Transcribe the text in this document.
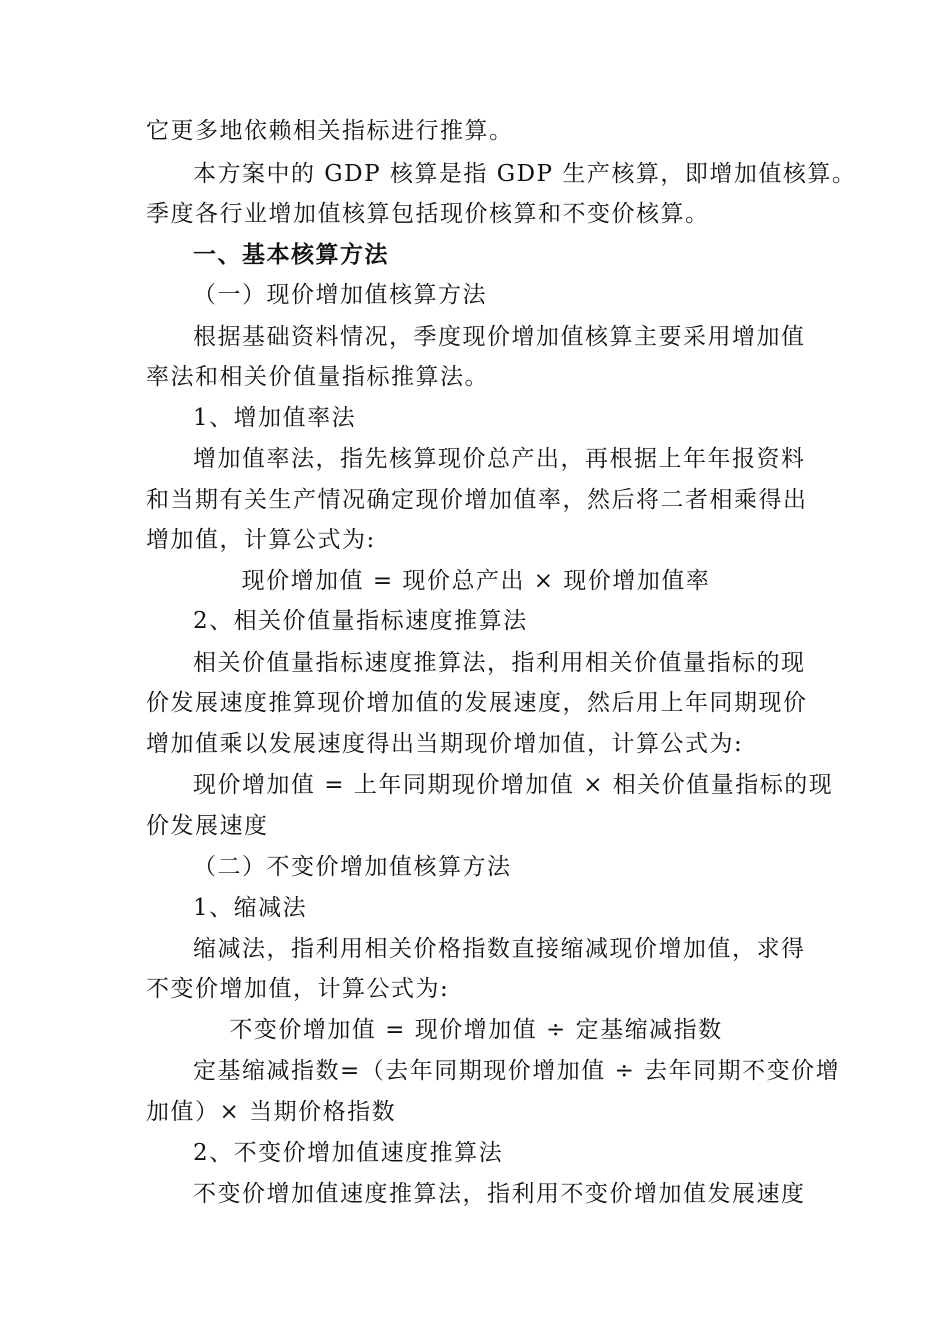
它更多地依赖相关指标进行推算。
本方案中的 GDP 核算是指 GDP 生产核算，即增加值核算。
季度各行业增加值核算包括现价核算和不变价核算。
一、基本核算方法
（一）现价增加值核算方法
根据基础资料情况，季度现价增加值核算主要采用增加值
率法和相关价值量指标推算法。
1、增加值率法
增加值率法，指先核算现价总产出，再根据上年年报资料
和当期有关生产情况确定现价增加值率，然后将二者相乘得出
增加值，计算公式为:
现价增加值 = 现价总产出 × 现价增加值率
2、相关价值量指标速度推算法
相关价值量指标速度推算法，指利用相关价值量指标的现
价发展速度推算现价增加值的发展速度，然后用上年同期现价
增加值乘以发展速度得出当期现价增加值，计算公式为:
现价增加值 = 上年同期现价增加值 × 相关价值量指标的现
价发展速度
（二）不变价增加值核算方法
1、缩减法
缩减法，指利用相关价格指数直接缩减现价增加值，求得
不变价增加值，计算公式为:
不变价增加值 = 现价增加值 ÷ 定基缩减指数
定基缩减指数=（去年同期现价增加值 ÷ 去年同期不变价增
加值）× 当期价格指数
2、不变价增加值速度推算法
不变价增加值速度推算法，指利用不变价增加值发展速度
